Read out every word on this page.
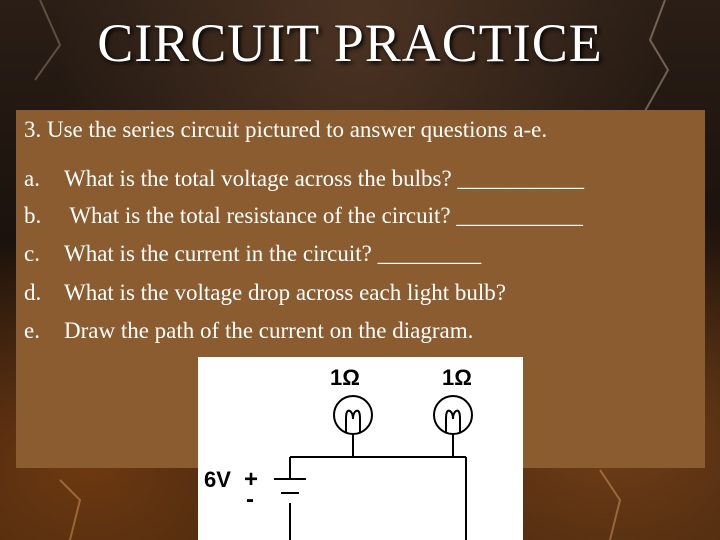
CIRCUIT PRACTICE
3. Use the series circuit pictured to answer questions a-e.
a. What is the total voltage across the bulbs? ___________
b. What is the total resistance of the circuit? ___________
c. What is the current in the circuit? _________
d. What is the voltage drop across each light bulb?
e. Draw the path of the current on the diagram.
1Ω	1Ω
6V +
-
